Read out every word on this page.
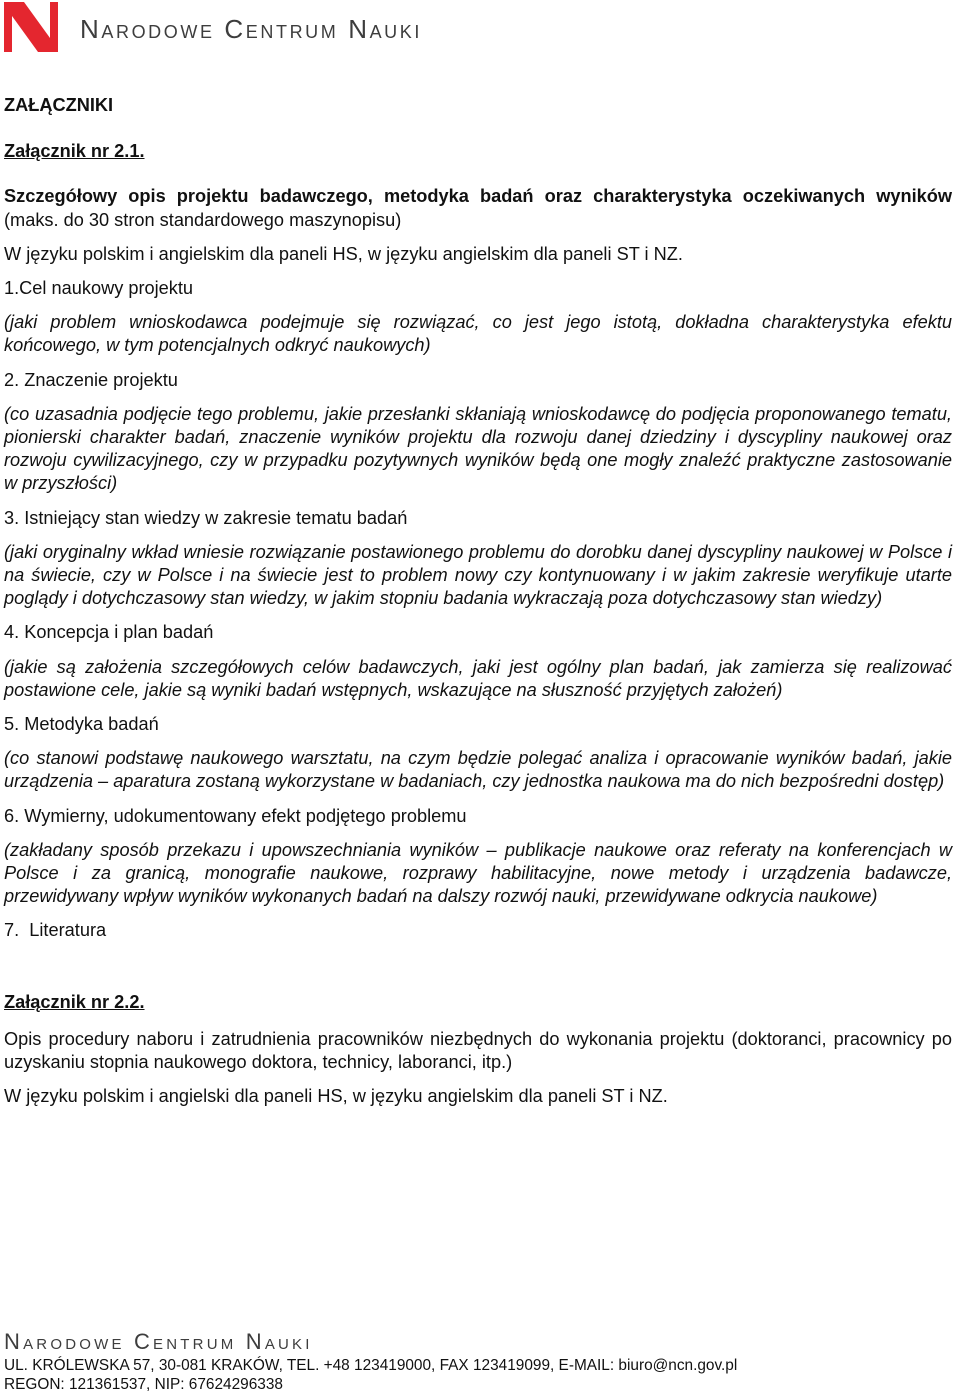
Narodowe Centrum Nauki

ZAŁĄCZNIKI

Załącznik nr 2.1.

Szczegółowy opis projektu badawczego, metodyka badań oraz charakterystyka oczekiwanych wyników (maks. do 30 stron standardowego maszynopisu)

W języku polskim i angielskim dla paneli HS, w języku angielskim dla paneli ST i NZ.

1.Cel naukowy projektu

(jaki problem wnioskodawca podejmuje się rozwiązać, co jest jego istotą, dokładna charakterystyka efektu końcowego, w tym potencjalnych odkryć naukowych)

2. Znaczenie projektu

(co uzasadnia podjęcie tego problemu, jakie przesłanki skłaniają wnioskodawcę do podjęcia proponowanego tematu, pionierski charakter badań, znaczenie wyników projektu dla rozwoju danej dziedziny i dyscypliny naukowej oraz rozwoju cywilizacyjnego, czy w przypadku pozytywnych wyników będą one mogły znaleźć praktyczne zastosowanie w przyszłości)

3. Istniejący stan wiedzy w zakresie tematu badań

(jaki oryginalny wkład wniesie rozwiązanie postawionego problemu do dorobku danej dyscypliny naukowej w Polsce i na świecie, czy w Polsce i na świecie jest to problem nowy czy kontynuowany i w jakim zakresie weryfikuje utarte poglądy i dotychczasowy stan wiedzy, w jakim stopniu badania wykraczają poza dotychczasowy stan wiedzy)

4. Koncepcja i plan badań

(jakie są założenia szczegółowych celów badawczych, jaki jest ogólny plan badań, jak zamierza się realizować postawione cele, jakie są wyniki badań wstępnych, wskazujące na słuszność przyjętych założeń)

5. Metodyka badań

(co stanowi podstawę naukowego warsztatu, na czym będzie polegać analiza i opracowanie wyników badań, jakie urządzenia – aparatura zostaną wykorzystane w badaniach, czy jednostka naukowa ma do nich bezpośredni dostęp)

6. Wymierny, udokumentowany efekt podjętego problemu

(zakładany sposób przekazu i upowszechniania wyników – publikacje naukowe oraz referaty na konferencjach w Polsce i za granicą, monografie naukowe, rozprawy habilitacyjne, nowe metody i urządzenia badawcze, przewidywany wpływ wyników wykonanych badań na dalszy rozwój nauki, przewidywane odkrycia naukowe)

7.  Literatura

Załącznik nr 2.2.

Opis procedury naboru i zatrudnienia pracowników niezbędnych do wykonania projektu (doktoranci, pracownicy po uzyskaniu stopnia naukowego doktora, technicy, laboranci, itp.)

W języku polskim i angielski dla paneli HS, w języku angielskim dla paneli ST i NZ.

Narodowe Centrum Nauki
UL. KRÓLEWSKA 57, 30-081 KRAKÓW, TEL. +48 123419000, FAX 123419099, E-MAIL: biuro@ncn.gov.pl
REGON: 121361537, NIP: 67624296338
